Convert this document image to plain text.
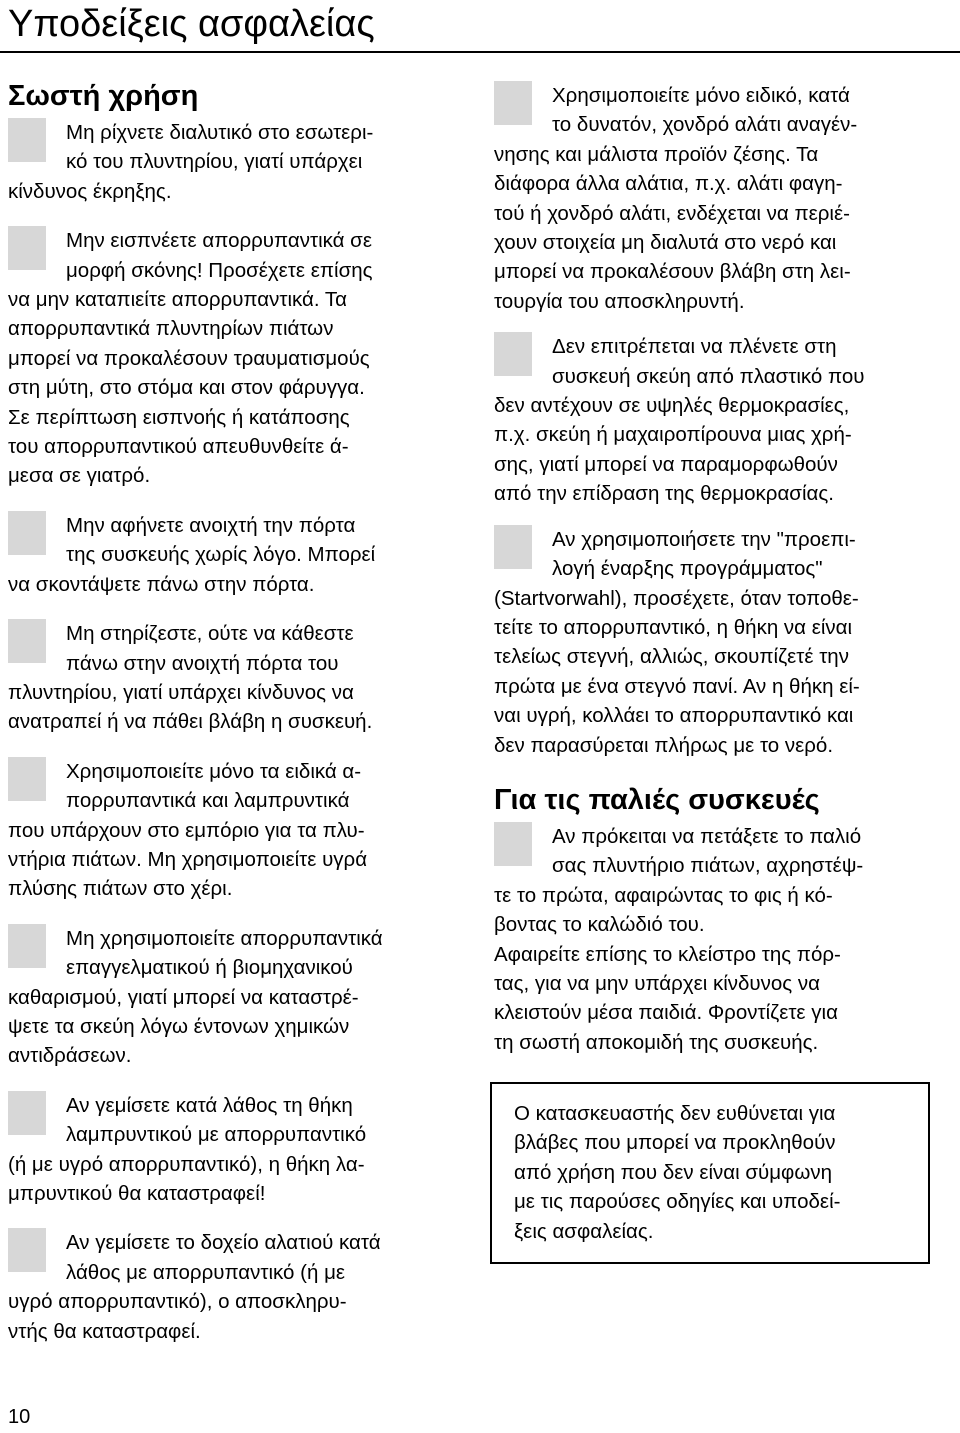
Υποδείξεις ασφαλείας
Σωστή χρήση
Μη ρίχνετε διαλυτικό στο εσωτερι-
κό του πλυντηρίου, γιατί υπάρχει
κίνδυνος έκρηξης.
Μην εισπνέετε απορρυπαντικά σε
μορφή σκόνης! Προσέχετε επίσης
να μην καταπιείτε απορρυπαντικά. Τα
απορρυπαντικά πλυντηρίων πιάτων
μπορεί να προκαλέσουν τραυματισμούς
στη μύτη, στο στόμα και στον φάρυγγα.
Σε περίπτωση εισπνοής ή κατάποσης
του απορρυπαντικού απευθυνθείτε ά-
μεσα σε γιατρό.
Μην αφήνετε ανοιχτή την πόρτα
της συσκευής χωρίς λόγο. Μπορεί
να σκοντάψετε πάνω στην πόρτα.
Μη στηρίζεστε, ούτε να κάθεστε
πάνω στην ανοιχτή πόρτα του
πλυντηρίου, γιατί υπάρχει κίνδυνος να
ανατραπεί ή να πάθει βλάβη η συσκευή.
Χρησιμοποιείτε μόνο τα ειδικά α-
πορρυπαντικά και λαμπρυντικά
που υπάρχουν στο εμπόριο για τα πλυ-
ντήρια πιάτων. Μη χρησιμοποιείτε υγρά
πλύσης πιάτων στο χέρι.
Μη χρησιμοποιείτε απορρυπαντικά
επαγγελματικού ή βιομηχανικού
καθαρισμού, γιατί μπορεί να καταστρέ-
ψετε τα σκεύη λόγω έντονων χημικών
αντιδράσεων.
Αν γεμίσετε κατά λάθος τη θήκη
λαμπρυντικού με απορρυπαντικό
(ή με υγρό απορρυπαντικό), η θήκη λα-
μπρυντικού θα καταστραφεί!
Αν γεμίσετε το δοχείο αλατιού κατά
λάθος με απορρυπαντικό (ή με
υγρό απορρυπαντικό), ο αποσκληρυ-
ντής θα καταστραφεί.
Χρησιμοποιείτε μόνο ειδικό, κατά
το δυνατόν, χονδρό αλάτι αναγέν-
νησης και μάλιστα προϊόν ζέσης. Τα
διάφορα άλλα αλάτια, π.χ. αλάτι φαγη-
τού ή χονδρό αλάτι, ενδέχεται να περιέ-
χουν στοιχεία μη διαλυτά στο νερό και
μπορεί να προκαλέσουν βλάβη στη λει-
τουργία του αποσκληρυντή.
Δεν επιτρέπεται να πλένετε στη
συσκευή σκεύη από πλαστικό που
δεν αντέχουν σε υψηλές θερμοκρασίες,
π.χ. σκεύη ή μαχαιροπίρουνα μιας χρή-
σης, γιατί μπορεί να παραμορφωθούν
από την επίδραση της θερμοκρασίας.
Αν χρησιμοποιήσετε την "προεπι-
λογή έναρξης προγράμματος"
(Startvorwahl), προσέχετε, όταν τοποθε-
τείτε το απορρυπαντικό, η θήκη να είναι
τελείως στεγνή, αλλιώς, σκουπίζετέ την
πρώτα με ένα στεγνό πανί. Αν η θήκη εί-
ναι υγρή, κολλάει το απορρυπαντικό και
δεν παρασύρεται πλήρως με το νερό.
Για τις παλιές συσκευές
Αν πρόκειται να πετάξετε το παλιό
σας πλυντήριο πιάτων, αχρηστέψ-
τε το πρώτα, αφαιρώντας το φις ή κό-
βοντας το καλώδιό του.
Αφαιρείτε επίσης το κλείστρο της πόρ-
τας, για να μην υπάρχει κίνδυνος να
κλειστούν μέσα παιδιά. Φροντίζετε για
τη σωστή αποκομιδή της συσκευής.
Ο κατασκευαστής δεν ευθύνεται για
βλάβες που μπορεί να προκληθούν
από χρήση που δεν είναι σύμφωνη
με τις παρούσες οδηγίες και υποδεί-
ξεις ασφαλείας.
10
